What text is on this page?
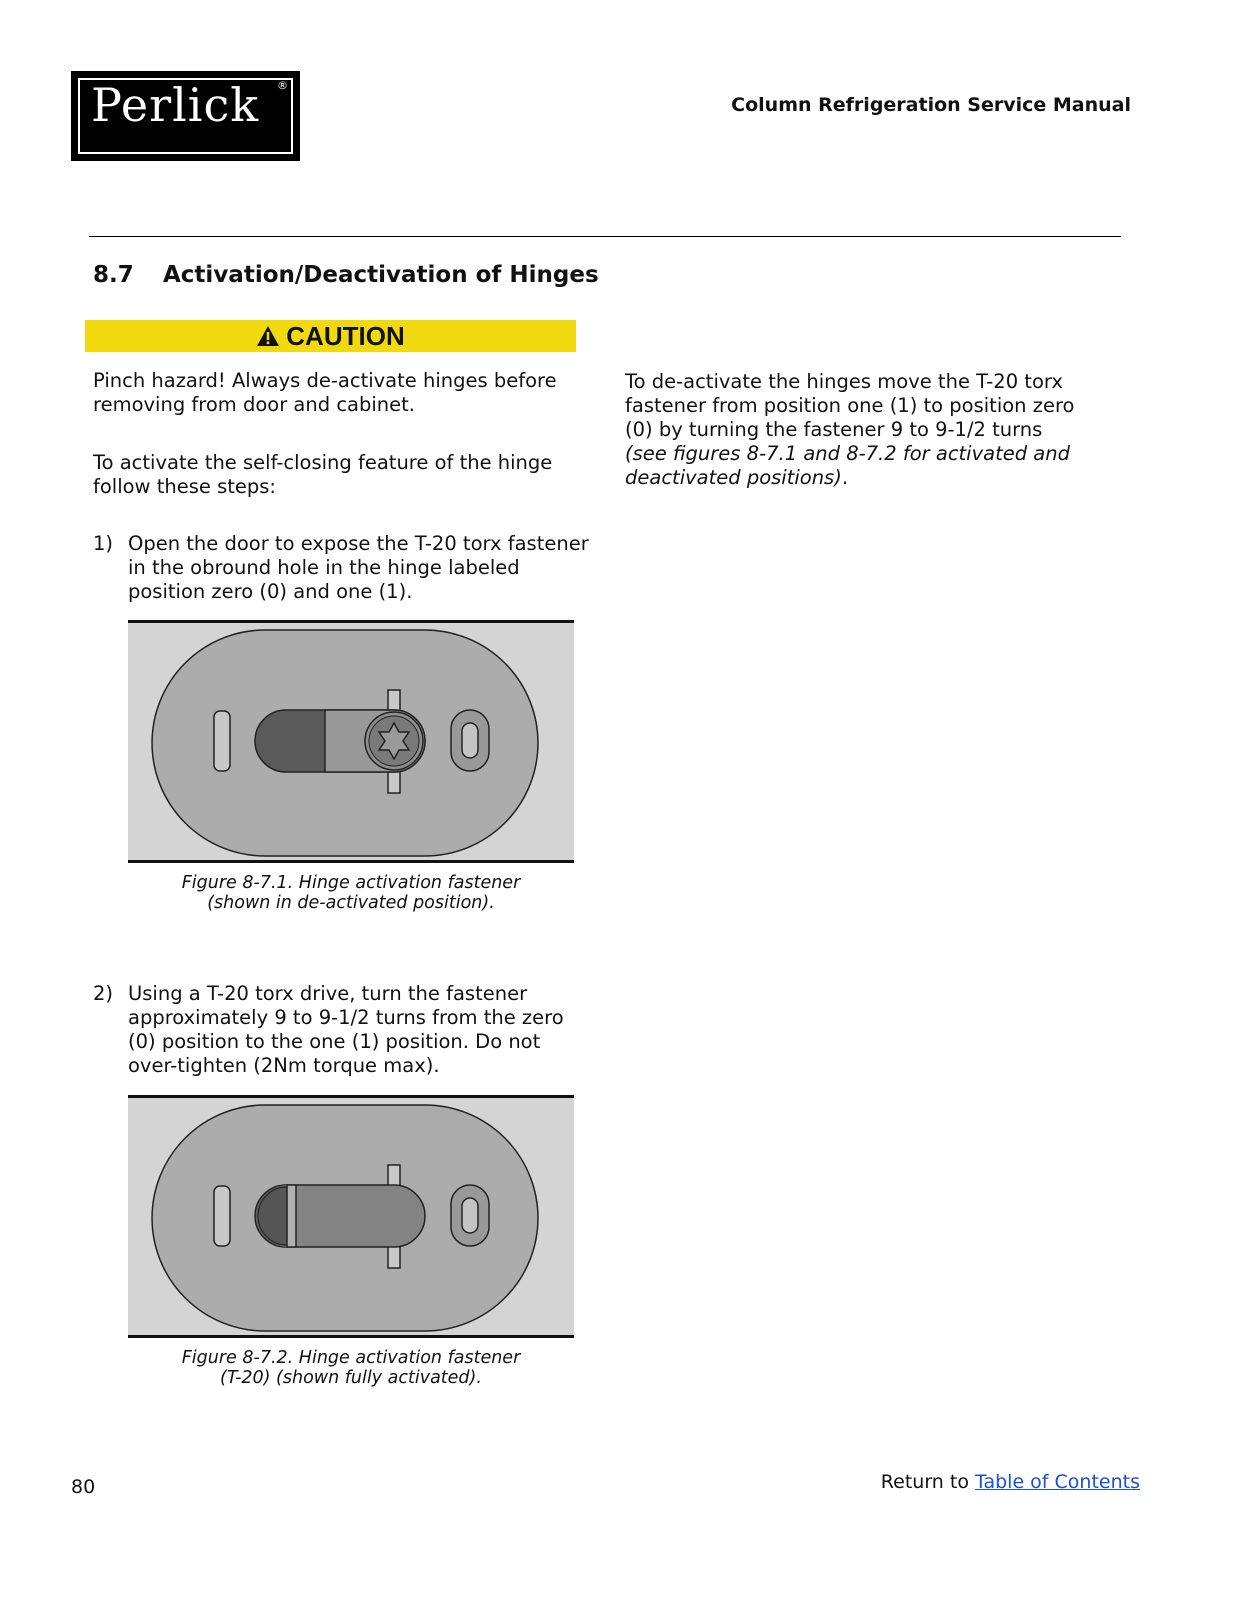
Perlick ®
Column Refrigeration Service Manual
8.7 Activation/Deactivation of Hinges
CAUTION
Pinch hazard! Always de-activate hinges before
removing from door and cabinet.
To activate the self-closing feature of the hinge
follow these steps:
1) Open the door to expose the T-20 torx fastener
in the obround hole in the hinge labeled
position zero (0) and one (1).
Figure 8-7.1. Hinge activation fastener
(shown in de-activated position).
2) Using a T-20 torx drive, turn the fastener
approximately 9 to 9-1/2 turns from the zero
(0) position to the one (1) position. Do not
over-tighten (2Nm torque max).
Figure 8-7.2. Hinge activation fastener
(T-20) (shown fully activated).
To de-activate the hinges move the T-20 torx
fastener from position one (1) to position zero
(0) by turning the fastener 9 to 9-1/2 turns
(see figures 8-7.1 and 8-7.2 for activated and
deactivated positions).
80	Return to Table of Contents
